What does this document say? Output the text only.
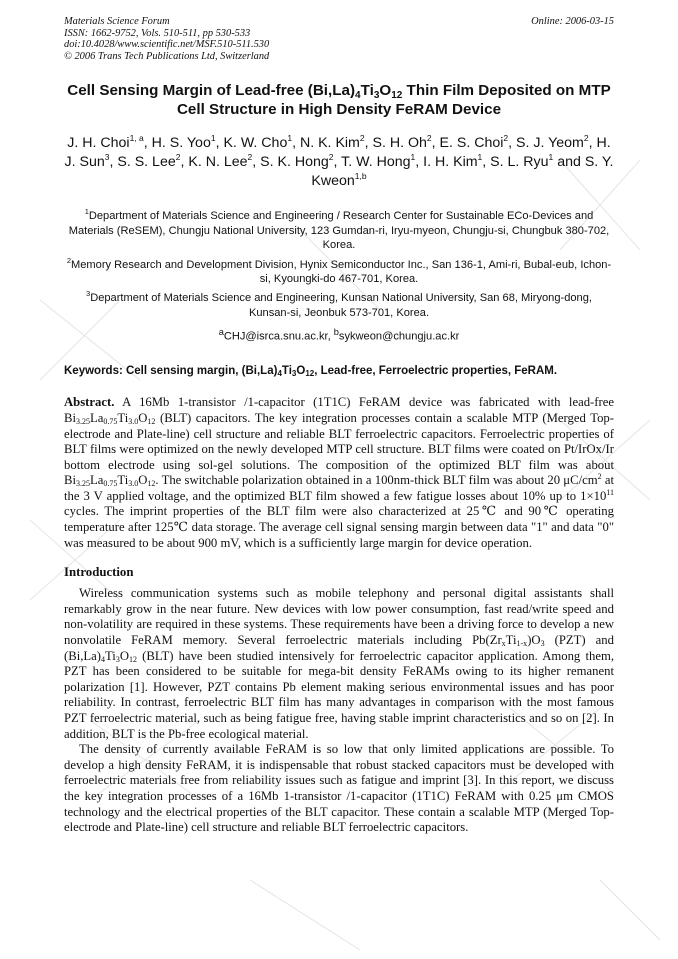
Materials Science Forum
ISSN: 1662-9752, Vols. 510-511, pp 530-533
doi:10.4028/www.scientific.net/MSF.510-511.530
© 2006 Trans Tech Publications Ltd, Switzerland
Online: 2006-03-15
Cell Sensing Margin of Lead-free $(Bi,La)_4Ti_3O_{12}$ Thin Film Deposited on MTP Cell Structure in High Density FeRAM Device
J. H. Choi$^{1, a}$, H. S. Yoo$^1$, K. W. Cho$^1$, N. K. Kim$^2$, S. H. Oh$^2$, E. S. Choi$^2$, S. J. Yeom$^2$, H. J. Sun$^3$, S. S. Lee$^2$, K. N. Lee$^2$, S. K. Hong$^2$, T. W. Hong$^1$, I. H. Kim$^1$, S. L. Ryu$^1$ and S. Y. Kweon$^{1,b}$
$^1$Department of Materials Science and Engineering / Research Center for Sustainable ECo-Devices and Materials (ReSEM), Chungju National University, 123 Gumdan-ri, Iryu-myeon, Chungju-si, Chungbuk 380-702, Korea.
$^2$Memory Research and Development Division, Hynix Semiconductor Inc., San 136-1, Ami-ri, Bubal-eub, Ichon-si, Kyoungki-do 467-701, Korea.
$^3$Department of Materials Science and Engineering, Kunsan National University, San 68, Miryong-dong, Kunsan-si, Jeonbuk 573-701, Korea.
$^a$CHJ@isrca.snu.ac.kr, $^b$sykweon@chungju.ac.kr
Keywords: Cell sensing margin, $(Bi,La)_4Ti_3O_{12}$, Lead-free, Ferroelectric properties, FeRAM.
Abstract. A 16Mb 1-transistor /1-capacitor (1T1C) FeRAM device was fabricated with lead-free $Bi_{3.25}La_{0.75}Ti_{3.0}O_{12}$ (BLT) capacitors. The key integration processes contain a scalable MTP (Merged Top-electrode and Plate-line) cell structure and reliable BLT ferroelectric capacitors. Ferroelectric properties of BLT films were optimized on the newly developed MTP cell structure. BLT films were coated on Pt/IrOx/Ir bottom electrode using sol-gel solutions. The composition of the optimized BLT film was about $Bi_{3.25}La_{0.75}Ti_{3.0}O_{12}$. The switchable polarization obtained in a 100nm-thick BLT film was about 20 $\mu C/cm^2$ at the 3 V applied voltage, and the optimized BLT film showed a few fatigue losses about 10% up to $1\times 10^{11}$ cycles. The imprint properties of the BLT film were also characterized at 25℃ and 90℃ operating temperature after 125℃ data storage. The average cell signal sensing margin between data "1" and data "0" was measured to be about 900 mV, which is a sufficiently large margin for device operation.
Introduction
Wireless communication systems such as mobile telephony and personal digital assistants shall remarkably grow in the near future. New devices with low power consumption, fast read/write speed and non-volatility are required in these systems. These requirements have been a driving force to develop a new nonvolatile FeRAM memory. Several ferroelectric materials including $Pb(Zr_xTi_{1-x})O_3$ (PZT) and $(Bi,La)_4Ti_3O_{12}$ (BLT) have been studied intensively for ferroelectric capacitor application. Among them, PZT has been considered to be suitable for mega-bit density FeRAMs owing to its higher remanent polarization [1]. However, PZT contains Pb element making serious environmental issues and has poor reliability. In contrast, ferroelectric BLT film has many advantages in comparison with the most famous PZT ferroelectric material, such as being fatigue free, having stable imprint characteristics and so on [2]. In addition, BLT is the Pb-free ecological material.
The density of currently available FeRAM is so low that only limited applications are possible. To develop a high density FeRAM, it is indispensable that robust stacked capacitors must be developed with ferroelectric materials free from reliability issues such as fatigue and imprint [3]. In this report, we discuss the key integration processes of a 16Mb 1-transistor /1-capacitor (1T1C) FeRAM with 0.25 μm CMOS technology and the electrical properties of the BLT capacitor. These contain a scalable MTP (Merged Top-electrode and Plate-line) cell structure and reliable BLT ferroelectric capacitors.
